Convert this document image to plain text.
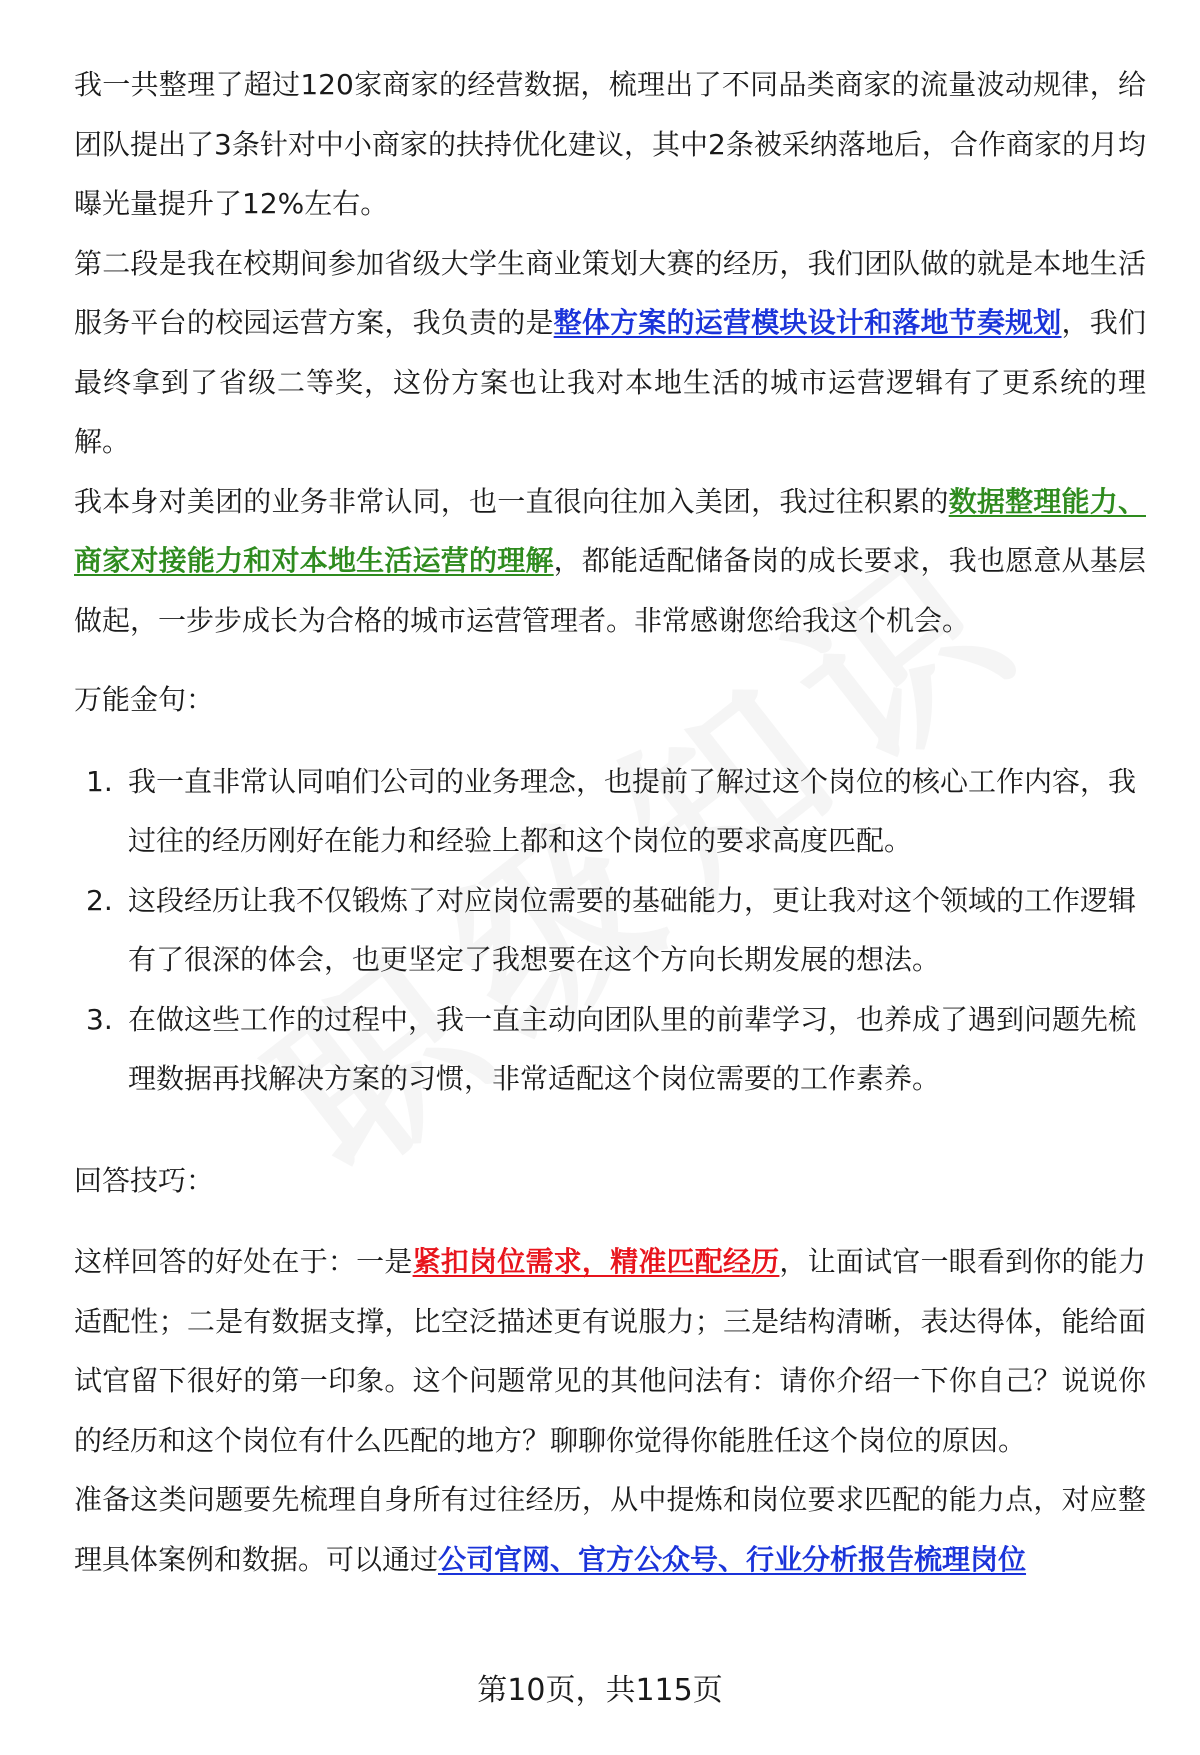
我一共整理了超过120家商家的经营数据，梳理出了不同品类商家的流量波动规律，给团队提出了3条针对中小商家的扶持优化建议，其中2条被采纳落地后，合作商家的月均曝光量提升了12%左右。

第二段是我在校期间参加省级大学生商业策划大赛的经历，我们团队做的就是本地生活服务平台的校园运营方案，我负责的是整体方案的运营模块设计和落地节奏规划，我们最终拿到了省级二等奖，这份方案也让我对本地生活的城市运营逻辑有了更系统的理解。

我本身对美团的业务非常认同，也一直很向往加入美团，我过往积累的数据整理能力、商家对接能力和对本地生活运营的理解，都能适配储备岗的成长要求，我也愿意从基层做起，一步步成长为合格的城市运营管理者。非常感谢您给我这个机会。

万能金句：

1. 我一直非常认同咱们公司的业务理念，也提前了解过这个岗位的核心工作内容，我过往的经历刚好在能力和经验上都和这个岗位的要求高度匹配。
2. 这段经历让我不仅锻炼了对应岗位需要的基础能力，更让我对这个领域的工作逻辑有了很深的体会，也更坚定了我想要在这个方向长期发展的想法。
3. 在做这些工作的过程中，我一直主动向团队里的前辈学习，也养成了遇到问题先梳理数据再找解决方案的习惯，非常适配这个岗位需要的工作素养。

回答技巧：

这样回答的好处在于：一是紧扣岗位需求，精准匹配经历，让面试官一眼看到你的能力适配性；二是有数据支撑，比空泛描述更有说服力；三是结构清晰，表达得体，能给面试官留下很好的第一印象。这个问题常见的其他问法有：请你介绍一下你自己？说说你的经历和这个岗位有什么匹配的地方？聊聊你觉得你能胜任这个岗位的原因。

准备这类问题要先梳理自身所有过往经历，从中提炼和岗位要求匹配的能力点，对应整理具体案例和数据。可以通过公司官网、官方公众号、行业分析报告梳理岗位

第10页，共115页
